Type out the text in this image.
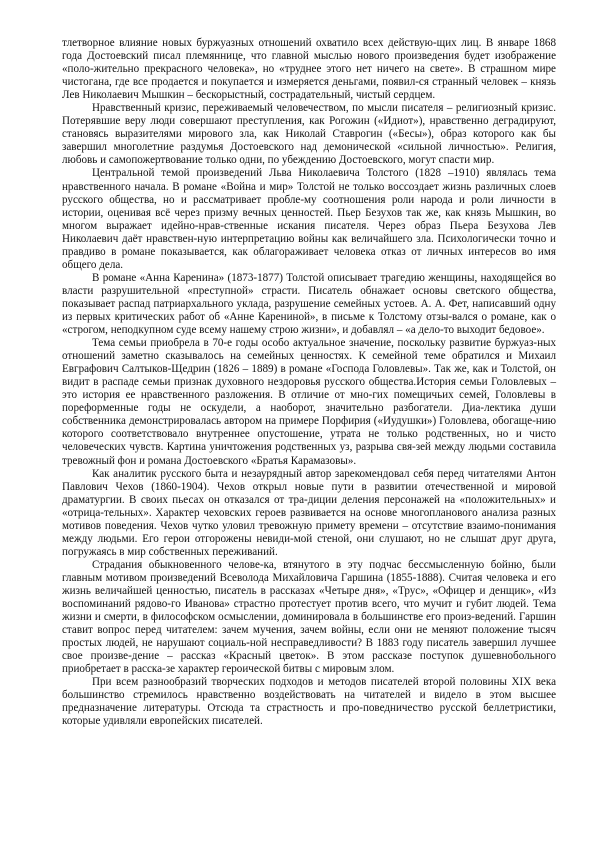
тлетворное влияние новых буржуазных отношений охватило всех действую-щих лиц. В январе 1868 года Достоевский писал племяннице, что главной мыслью нового произведения будет изображение «поло-жительно прекрасного человека», но «труднее этого нет ничего на свете». В страшном мире чистогана, где все продается и покупается и измеряется деньгами, появил-ся странный человек – князь Лев Николаевич Мышкин – бескорыстный, сострадательный, чистый сердцем.

Нравственный кризис, переживаемый человечеством, по мысли писателя – религиозный кризис. Потерявшие веру люди совершают преступления, как Рогожин («Идиот»), нравственно деградируют, становясь выразителями мирового зла, как Николай Ставрогин («Бесы»), образ которого как бы завершил многолетние раздумья Достоевского над демонической «сильной личностью». Религия, любовь и самопожертвование только одни, по убеждению Достоевского, могут спасти мир.

Центральной темой произведений Льва Николаевича Толстого (1828 –1910) являлась тема нравственного начала. В романе «Война и мир» Толстой не только воссоздает жизнь различных слоев русского общества, но и рассматривает пробле-му соотношения роли народа и роли личности в истории, оценивая всё через призму вечных ценностей. Пьер Безухов так же, как князь Мышкин, во многом выражает идейно-нрав-ственные искания писателя. Через образ Пьера Безухова Лев Николаевич даёт нравствен-ную интерпретацию войны как величайшего зла. Психологически точно и правдиво в романе показывается, как облагораживает человека отказ от личных интересов во имя общего дела.

В романе «Анна Каренина» (1873-1877) Толстой описывает трагедию женщины, находящейся во власти разрушительной «преступной» страсти. Писатель обнажает основы светского общества, показывает распад патриархального уклада, разрушение семейных устоев. А. А. Фет, написавший одну из первых критических работ об «Анне Карениной», в письме к Толстому отзы-вался о романе, как о «строгом, неподкупном суде всему нашему строю жизни», и добавлял – «а дело-то выходит бедовое».

Тема семьи приобрела в 70-е годы особо актуальное значение, поскольку развитие буржуаз-ных отношений заметно сказывалось на семейных ценностях. К семейной теме обратился и Михаил Евграфович Салтыков-Щедрин (1826 – 1889) в романе «Господа Головлевы». Так же, как и Толстой, он видит в распаде семьи признак духовного нездоровья русского общества.История семьи Головлевых – это история ее нравственного разложения. В отличие от мно-гих помещичьих семей, Головлевы в пореформенные годы не оскудели, а наоборот, значительно разбогатели. Диа-лектика души собственника демонстрировалась автором на примере Порфирия («Иудушки») Головлева, обогаще-нию которого соответствовало внутреннее опустошение, утрата не только родственных, но и чисто человеческих чувств. Картина уничтожения родственных уз, разрыва свя-зей между людьми составила тревожный фон и романа Достоевского «Братья Карамазовы».

Как аналитик русского быта и незаурядный автор зарекомендовал себя перед читателями Антон Павлович Чехов (1860-1904). Чехов открыл новые пути в развитии отечественной и мировой драматургии. В своих пьесах он отказался от тра-диции деления персонажей на «положительных» и «отрица-тельных». Характер чеховских героев развивается на основе многопланового анализа разных мотивов поведения. Чехов чутко уловил тревожную примету времени – отсутствие взаимо-понимания между людьми. Его герои отгорожены невиди-мой стеной, они слушают, но не слышат друг друга, погружаясь в мир собственных переживаний.

Страдания обыкновенного челове-ка, втянутого в эту подчас бессмысленную бойню, были главным мотивом произведений Всеволода Михайловича Гаршина (1855-1888). Считая человека и его жизнь величайшей ценностью, писатель в рассказах «Четыре дня», «Трус», «Офицер и денщик», «Из воспоминаний рядово-го Иванова» страстно протестует против всего, что мучит и губит людей. Тема жизни и смерти, в философском осмыслении, доминировала в большинстве его произ-ведений. Гаршин ставит вопрос перед читателем: зачем мучения, зачем войны, если они не меняют положение тысяч простых людей, не нарушают социаль-ной несправедливости? В 1883 году писатель завершил лучшее свое произве-дение – рассказ «Красный цветок». В этом рассказе поступок душевнобольного приобретает в расска-зе характер героической битвы с мировым злом.

При всем разнообразий творческих подходов и методов писателей второй половины XIX века большинство стремилось нравственно воздействовать на читателей и видело в этом высшее предназначение литературы. Отсюда та страстность и про-поведничество русской беллетристики, которые удивляли европейских писателей.
